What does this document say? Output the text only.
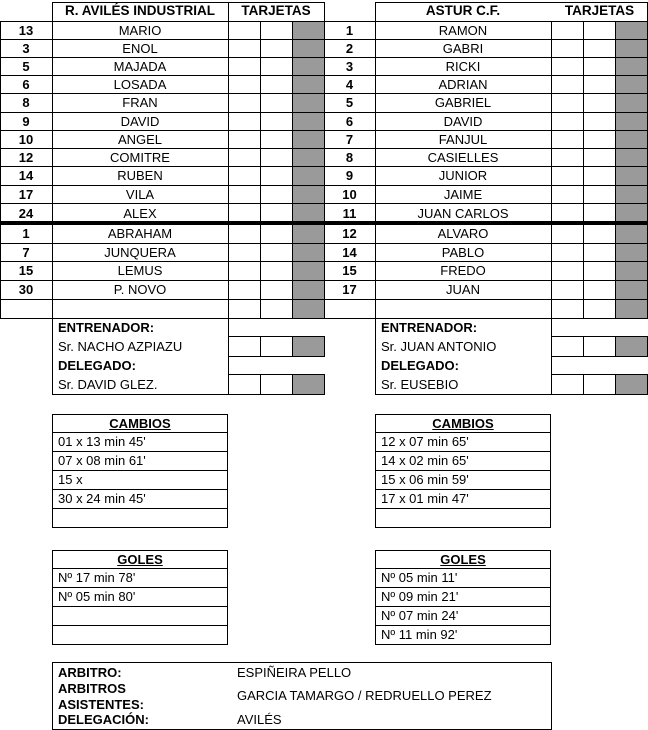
R. AVILÉS INDUSTRIAL	TARJETAS
13	MARIO
3	ENOL
5	MAJADA
6	LOSADA
8	FRAN
9	DAVID
10	ANGEL
12	COMITRE
14	RUBEN
17	VILA
24	ALEX
1	ABRAHAM
7	JUNQUERA
15	LEMUS
30	P. NOVO
ASTUR C.F.	TARJETAS
1	RAMON
2	GABRI
3	RICKI
4	ADRIAN
5	GABRIEL
6	DAVID
7	FANJUL
8	CASIELLES
9	JUNIOR
10	JAIME
11	JUAN CARLOS
12	ALVARO
14	PABLO
15	FREDO
17	JUAN
ENTRENADOR:
Sr. NACHO AZPIAZU
DELEGADO:
Sr. DAVID GLEZ.
ENTRENADOR:
Sr. JUAN ANTONIO
DELEGADO:
Sr. EUSEBIO
CAMBIOS
01 x 13 min 45'
07 x 08 min 61'
15 x
30 x 24 min 45'
CAMBIOS
12 x 07 min 65'
14 x 02 min 65'
15 x 06 min 59'
17 x 01 min 47'
GOLES
Nº 17 min 78'
Nº 05 min 80'
GOLES
Nº 05 min 11'
Nº 09 min 21'
Nº 07 min 24'
Nº 11 min 92'
ARBITRO:	ESPIÑEIRA PELLO
ARBITROS
ASISTENTES:
GARCIA TAMARGO / REDRUELLO PEREZ
DELEGACIÓN:	AVILÉS
